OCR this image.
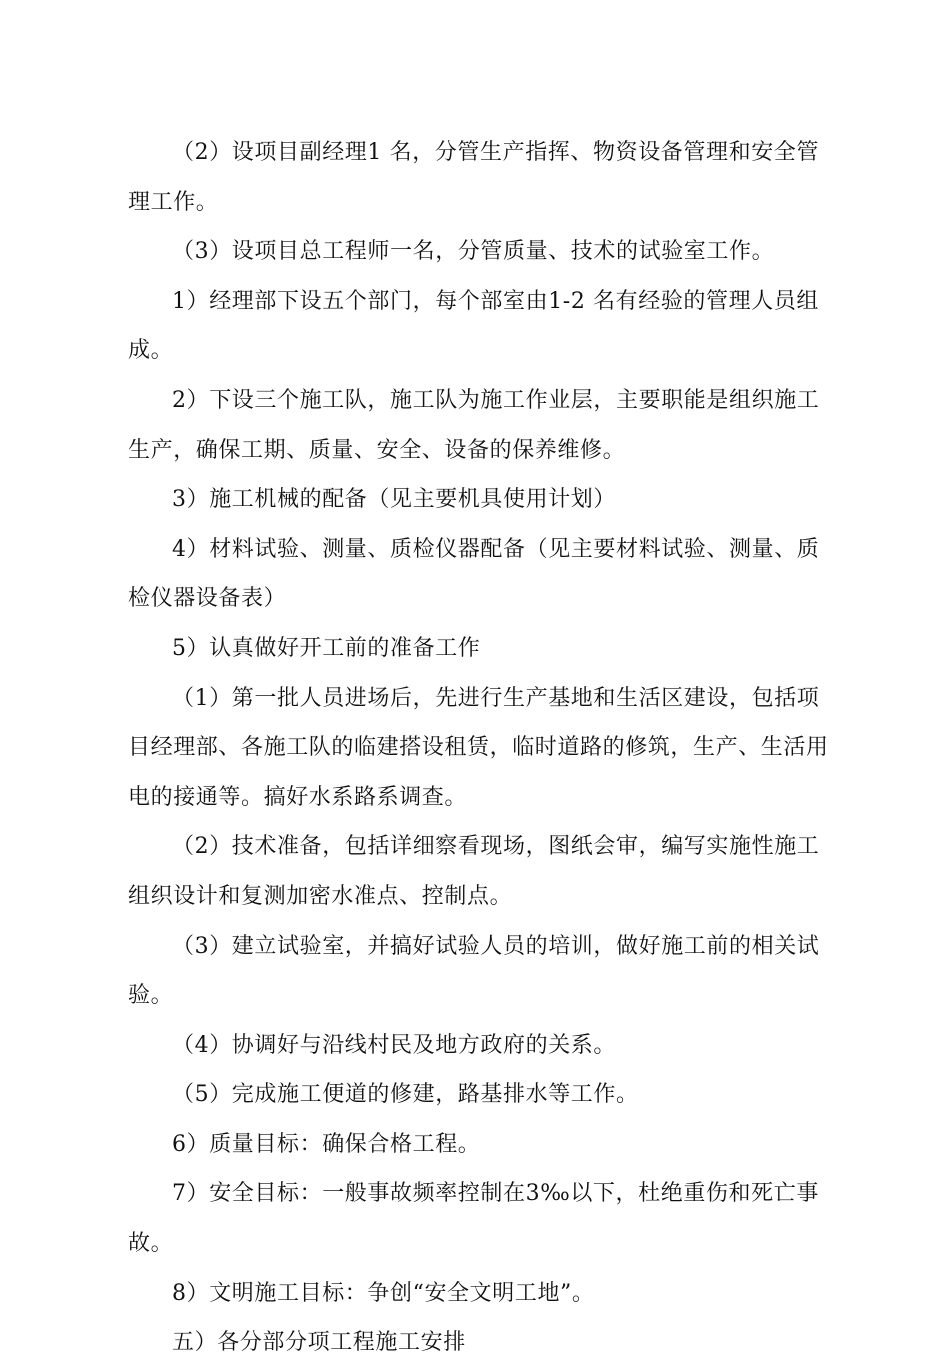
（2）设项目副经理1 名，分管生产指挥、物资设备管理和安全管理工作。

（3）设项目总工程师一名，分管质量、技术的试验室工作。

1）经理部下设五个部门，每个部室由1-2 名有经验的管理人员组成。

2）下设三个施工队，施工队为施工作业层，主要职能是组织施工生产，确保工期、质量、安全、设备的保养维修。

3）施工机械的配备（见主要机具使用计划）

4）材料试验、测量、质检仪器配备（见主要材料试验、测量、质检仪器设备表）

5）认真做好开工前的准备工作

（1）第一批人员进场后，先进行生产基地和生活区建设，包括项目经理部、各施工队的临建搭设租赁，临时道路的修筑，生产、生活用电的接通等。搞好水系路系调查。

（2）技术准备，包括详细察看现场，图纸会审，编写实施性施工组织设计和复测加密水准点、控制点。

（3）建立试验室，并搞好试验人员的培训，做好施工前的相关试验。

（4）协调好与沿线村民及地方政府的关系。

（5）完成施工便道的修建，路基排水等工作。

6）质量目标：确保合格工程。

7）安全目标：一般事故频率控制在3‰以下，杜绝重伤和死亡事故。

8）文明施工目标：争创“安全文明工地”。

五）各分部分项工程施工安排
